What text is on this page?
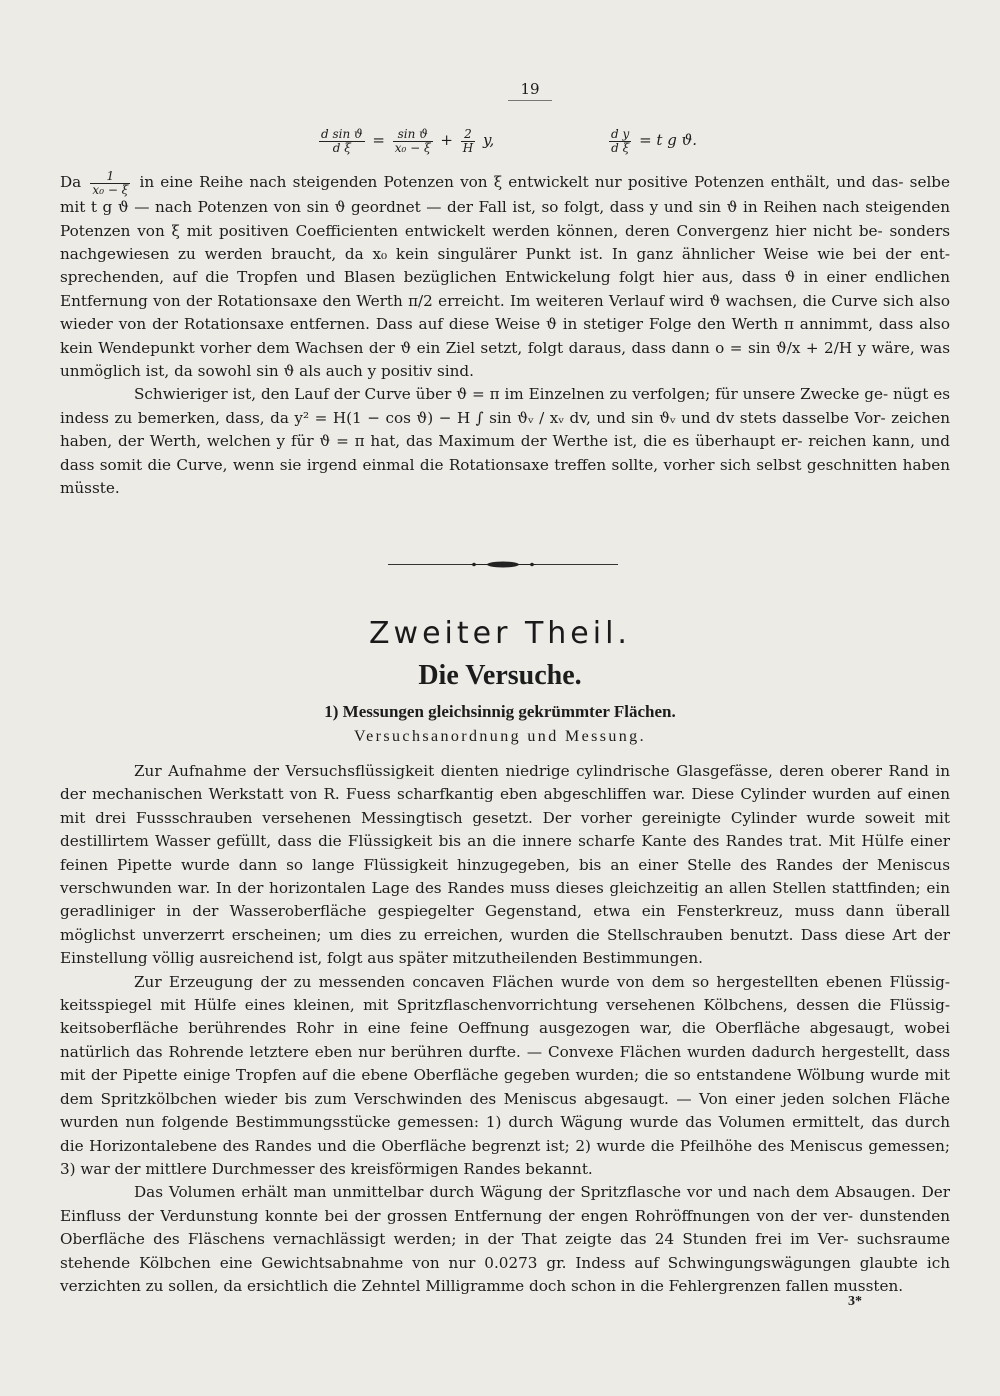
19
$\frac{\text{d sin ϑ}}{\text{d ξ}} = \frac{\text{sin ϑ}}{\text{x₀ − ξ}} + \frac{2}{H} y$,	$\frac{\text{d y}}{\text{d ξ}} = t$ g ϑ.

Da $\frac{1}{\text{x₀ − ξ}}$ in eine Reihe nach steigenden Potenzen von ξ entwickelt nur positive Potenzen enthält, und das- selbe mit t g ϑ — nach Potenzen von sin ϑ geordnet — der Fall ist, so folgt, dass y und sin ϑ in Reihen nach steigenden Potenzen von ξ mit positiven Coefficienten entwickelt werden können, deren Convergenz hier nicht be- sonders nachgewiesen zu werden braucht, da x₀ kein singulärer Punkt ist. In ganz ähnlicher Weise wie bei der ent- sprechenden, auf die Tropfen und Blasen bezüglichen Entwickelung folgt hier aus, dass ϑ in einer endlichen Entfernung von der Rotationsaxe den Werth π/2 erreicht. Im weiteren Verlauf wird ϑ wachsen, die Curve sich also wieder von der Rotationsaxe entfernen. Dass auf diese Weise ϑ in stetiger Folge den Werth π annimmt, dass also kein Wendepunkt vorher dem Wachsen der ϑ ein Ziel setzt, folgt daraus, dass dann o = sin ϑ/x + 2/H y wäre, was unmöglich ist, da sowohl sin ϑ als auch y positiv sind.

Schwieriger ist, den Lauf der Curve über ϑ = π im Einzelnen zu verfolgen; für unsere Zwecke ge- nügt es indess zu bemerken, dass, da y² = H(1 − cos ϑ) − H ∫ sin ϑᵥ / xᵥ dv, und sin ϑᵥ und dv stets dasselbe Vor- zeichen haben, der Werth, welchen y für ϑ = π hat, das Maximum der Werthe ist, die es überhaupt er- reichen kann, und dass somit die Curve, wenn sie irgend einmal die Rotationsaxe treffen sollte, vorher sich selbst geschnitten haben müsste.

Zweiter Theil.
Die Versuche.
1) Messungen gleichsinnig gekrümmter Flächen.
Versuchsanordnung und Messung.

Zur Aufnahme der Versuchsflüssigkeit dienten niedrige cylindrische Glasgefässe, deren oberer Rand in der mechanischen Werkstatt von R. Fuess scharfkantig eben abgeschliffen war. Diese Cylinder wurden auf einen mit drei Fussschrauben versehenen Messingtisch gesetzt. Der vorher gereinigte Cylinder wurde soweit mit destillirtem Wasser gefüllt, dass die Flüssigkeit bis an die innere scharfe Kante des Randes trat. Mit Hülfe einer feinen Pipette wurde dann so lange Flüssigkeit hinzugegeben, bis an einer Stelle des Randes der Meniscus verschwunden war. In der horizontalen Lage des Randes muss dieses gleichzeitig an allen Stellen stattfinden; ein geradliniger in der Wasseroberfläche gespiegelter Gegenstand, etwa ein Fensterkreuz, muss dann überall möglichst unverzerrt erscheinen; um dies zu erreichen, wurden die Stellschrauben benutzt. Dass diese Art der Einstellung völlig ausreichend ist, folgt aus später mitzutheilenden Bestimmungen.

Zur Erzeugung der zu messenden concaven Flächen wurde von dem so hergestellten ebenen Flüssig- keitsspiegel mit Hülfe eines kleinen, mit Spritzflaschenvorrichtung versehenen Kölbchens, dessen die Flüssig- keitsoberfläche berührendes Rohr in eine feine Oeffnung ausgezogen war, die Oberfläche abgesaugt, wobei natürlich das Rohrende letztere eben nur berühren durfte. — Convexe Flächen wurden dadurch hergestellt, dass mit der Pipette einige Tropfen auf die ebene Oberfläche gegeben wurden; die so entstandene Wölbung wurde mit dem Spritzkölbchen wieder bis zum Verschwinden des Meniscus abgesaugt. — Von einer jeden solchen Fläche wurden nun folgende Bestimmungsstücke gemessen: 1) durch Wägung wurde das Volumen ermittelt, das durch die Horizontalebene des Randes und die Oberfläche begrenzt ist; 2) wurde die Pfeilhöhe des Meniscus gemessen; 3) war der mittlere Durchmesser des kreisförmigen Randes bekannt.

Das Volumen erhält man unmittelbar durch Wägung der Spritzflasche vor und nach dem Absaugen. Der Einfluss der Verdunstung konnte bei der grossen Entfernung der engen Rohröffnungen von der ver- dunstenden Oberfläche des Fläschens vernachlässigt werden; in der That zeigte das 24 Stunden frei im Ver- suchsraume stehende Kölbchen eine Gewichtsabnahme von nur 0.0273 gr. Indess auf Schwingungswägungen glaubte ich verzichten zu sollen, da ersichtlich die Zehntel Milligramme doch schon in die Fehlergrenzen fallen mussten.

3*
